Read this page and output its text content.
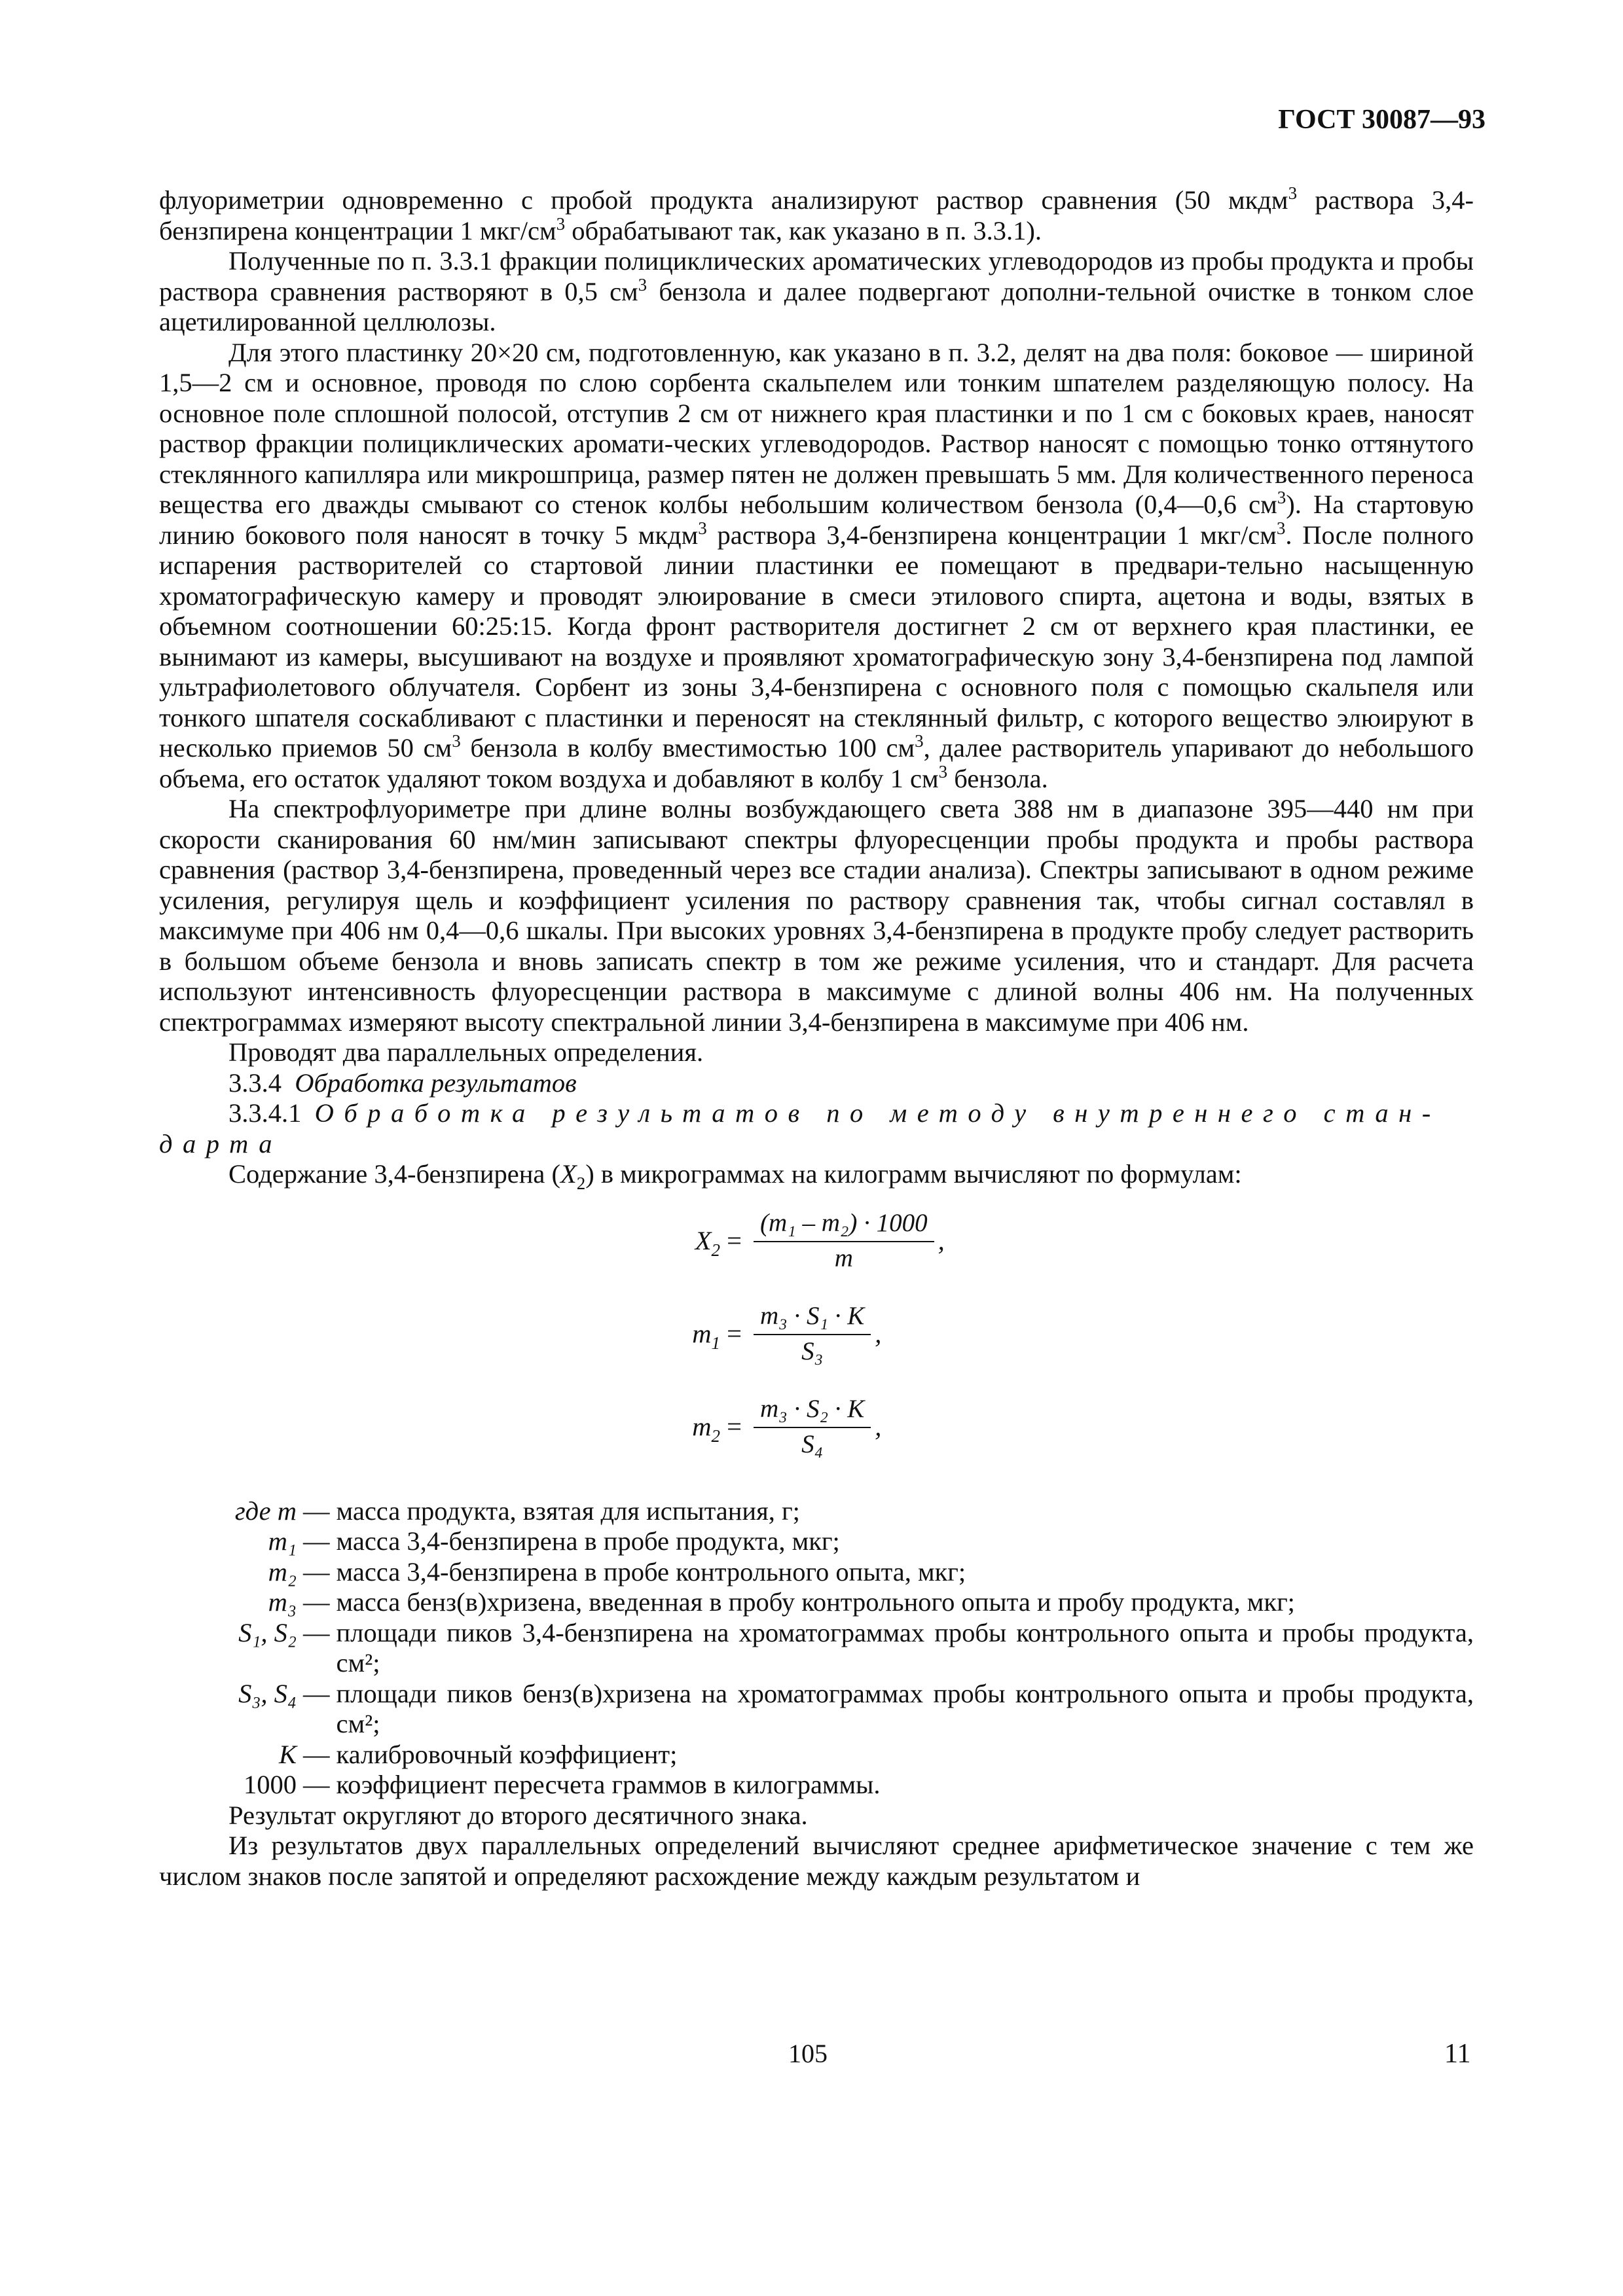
ГОСТ 30087—93

флуориметрии одновременно с пробой продукта анализируют раствор сравнения (50 мкдм$^3$ раствора 3,4-бензпирена концентрации 1 мкг/$см^3$ обрабатывают так, как указано в п. 3.3.1).

Полученные по п. 3.3.1 фракции полициклических ароматических углеводородов из пробы продукта и пробы раствора сравнения растворяют в 0,5 $см^3$ бензола и далее подвергают дополни-тельной очистке в тонком слое ацетилированной целлюлозы.

Для этого пластинку 20×20 см, подготовленную, как указано в п. 3.2, делят на два поля: боковое — шириной 1,5—2 см и основное, проводя по слою сорбента скальпелем или тонким шпателем разделяющую полосу. На основное поле сплошной полосой, отступив 2 см от нижнего края пластинки и по 1 см с боковых краев, наносят раствор фракции полициклических аромати-ческих углеводородов. Раствор наносят с помощью тонко оттянутого стеклянного капилляра или микрошприца, размер пятен не должен превышать 5 мм. Для количественного переноса вещества его дважды смывают со стенок колбы небольшим количеством бензола (0,4—0,6 $см^3$). На стартовую линию бокового поля наносят в точку 5 мкдм$^3$ раствора 3,4-бензпирена концентрации 1 мкг/$см^3$. После полного испарения растворителей со стартовой линии пластинки ее помещают в предвари-тельно насыщенную хроматографическую камеру и проводят элюирование в смеси этилового спирта, ацетона и воды, взятых в объемном соотношении 60:25:15. Когда фронт растворителя достигнет 2 см от верхнего края пластинки, ее вынимают из камеры, высушивают на воздухе и проявляют хроматографическую зону 3,4-бензпирена под лампой ультрафиолетового облучателя. Сорбент из зоны 3,4-бензпирена с основного поля с помощью скальпеля или тонкого шпателя соскабливают с пластинки и переносят на стеклянный фильтр, с которого вещество элюируют в несколько приемов 50 $см^3$ бензола в колбу вместимостью 100 $см^3$, далее растворитель упаривают до небольшого объема, его остаток удаляют током воздуха и добавляют в колбу 1 $см^3$ бензола.

На спектрофлуориметре при длине волны возбуждающего света 388 нм в диапазоне 395—440 нм при скорости сканирования 60 нм/мин записывают спектры флуоресценции пробы продукта и пробы раствора сравнения (раствор 3,4-бензпирена, проведенный через все стадии анализа). Спектры записывают в одном режиме усиления, регулируя щель и коэффициент усиления по раствору сравнения так, чтобы сигнал составлял в максимуме при 406 нм 0,4—0,6 шкалы. При высоких уровнях 3,4-бензпирена в продукте пробу следует растворить в большом объеме бензола и вновь записать спектр в том же режиме усиления, что и стандарт. Для расчета используют интенсивность флуоресценции раствора в максимуме с длиной волны 406 нм. На полученных спектрограммах измеряют высоту спектральной линии 3,4-бензпирена в максимуме при 406 нм.

Проводят два параллельных определения.

3.3.4 Обработка результатов

3.3.4.1 Обработка результатов по методу внутреннего стан-

дарта

Содержание 3,4-бензпирена $(X_2)$ в микрограммах на килограмм вычисляют по формулам:

$X_2 = \frac{\text{(m₁ – m₂) · 1000}}{m}$ ,
$m_1 = \frac{\text{m₃ · S₁ · K}}{\text{S₃}}$ ,
$m_2 = \frac{\text{m₃ · S₂ · K}}{\text{S₄}}$ ,
где m — масса продукта, взятая для испытания, г;
m₁ — масса 3,4-бензпирена в пробе продукта, мкг;
m₂ — масса 3,4-бензпирена в пробе контрольного опыта, мкг;
m₃ — масса бенз(в)хризена, введенная в пробу контрольного опыта и пробу продукта, мкг;
S₁, S₂ — площади пиков 3,4-бензпирена на хроматограммах пробы контрольного опыта и пробы продукта, см²;
S₃, S₄ — площади пиков бенз(в)хризена на хроматограммах пробы контрольного опыта и пробы продукта, см²;
K — калибровочный коэффициент;
1000 — коэффициент пересчета граммов в килограммы.

Результат округляют до второго десятичного знака.

Из результатов двух параллельных определений вычисляют среднее арифметическое значение с тем же числом знаков после запятой и определяют расхождение между каждым результатом и

105	11
